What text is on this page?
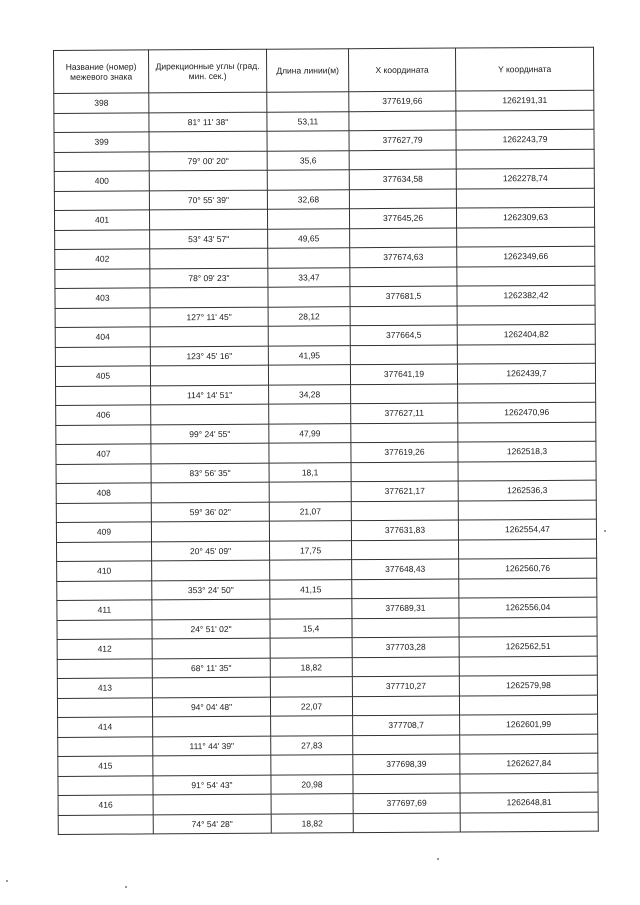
Название (номер) межевого знака	Дирекционные углы (град. мин. сек.)	Длина линии(м)	X координата	Y координата
398			377619,66	1262191,31
	81° 11' 38"	53,11		
399			377627,79	1262243,79
	79° 00' 20"	35,6		
400			377634,58	1262278,74
	70° 55' 39"	32,68		
401			377645,26	1262309,63
	53° 43' 57"	49,65		
402			377674,63	1262349,66
	78° 09' 23"	33,47		
403			377681,5	1262382,42
	127° 11' 45"	28,12		
404			377664,5	1262404,82
	123° 45' 16"	41,95		
405			377641,19	1262439,7
	114° 14' 51"	34,28		
406			377627,11	1262470,96
	99° 24' 55"	47,99		
407			377619,26	1262518,3
	83° 56' 35"	18,1		
408			377621,17	1262536,3
	59° 36' 02"	21,07		
409			377631,83	1262554,47
	20° 45' 09"	17,75		
410			377648,43	1262560,76
	353° 24' 50"	41,15		
411			377689,31	1262556,04
	24° 51' 02"	15,4		
412			377703,28	1262562,51
	68° 11' 35"	18,82		
413			377710,27	1262579,98
	94° 04' 48"	22,07		
414			377708,7	1262601,99
	111° 44' 39"	27,83		
415			377698,39	1262627,84
	91° 54' 43"	20,98		
416			377697,69	1262648,81
	74° 54' 28"	18,82		
